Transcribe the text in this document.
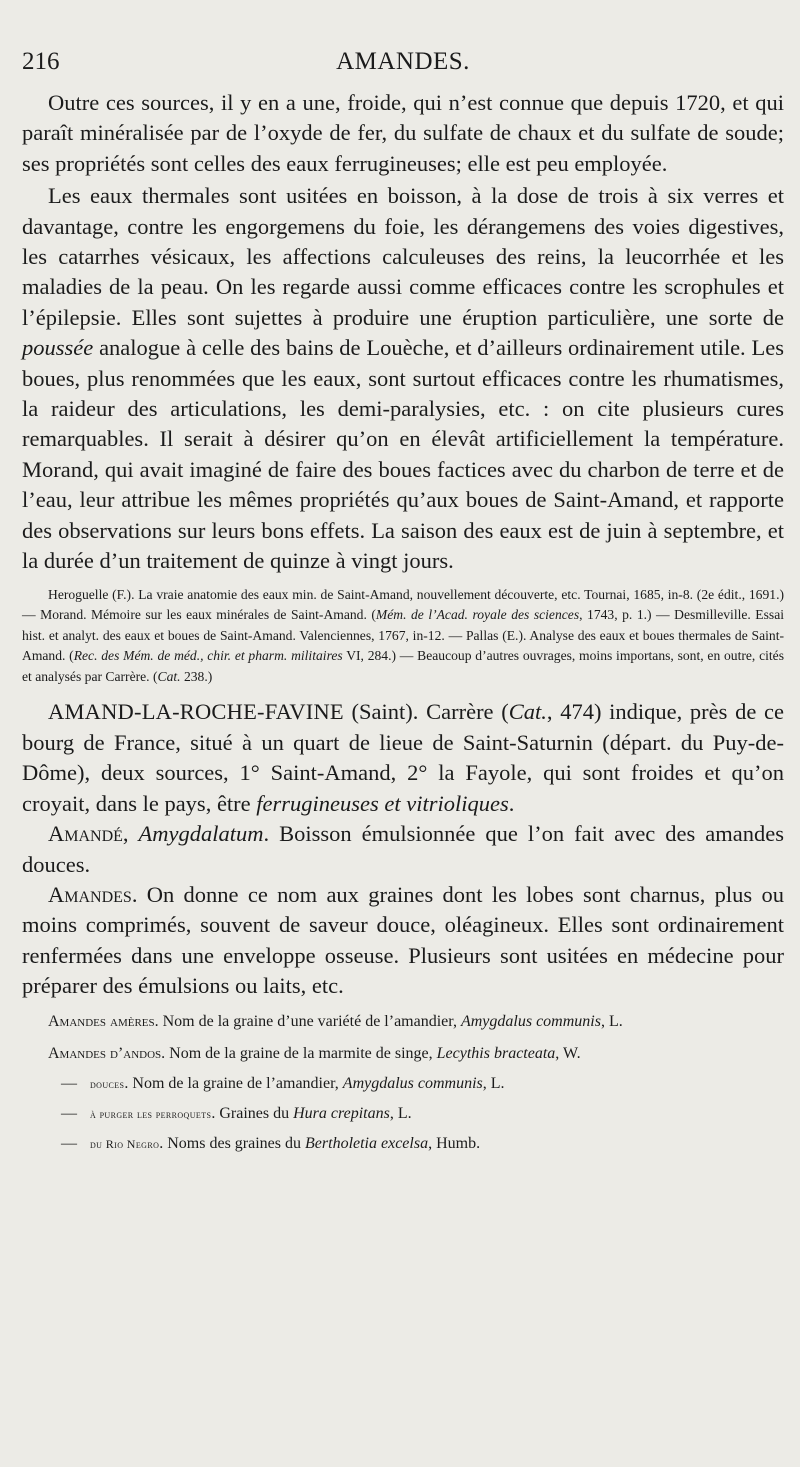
216	AMANDES.

Outre ces sources, il y en a une, froide, qui n’est connue que depuis 1720, et qui paraît minéralisée par de l’oxyde de fer, du sulfate de chaux et du sulfate de soude; ses propriétés sont celles des eaux ferrugineuses; elle est peu employée.

Les eaux thermales sont usitées en boisson, à la dose de trois à six verres et davantage, contre les engorgemens du foie, les dérangemens des voies digestives, les catarrhes vésicaux, les affections calculeuses des reins, la leucorrhée et les maladies de la peau. On les regarde aussi comme efficaces contre les scrophules et l’épilepsie. Elles sont sujettes à produire une éruption particulière, une sorte de poussée analogue à celle des bains de Louèche, et d’ailleurs ordinairement utile. Les boues, plus renommées que les eaux, sont surtout efficaces contre les rhumatismes, la raideur des articulations, les demi-paralysies, etc. : on cite plusieurs cures remarquables. Il serait à désirer qu’on en élevât artificiellement la température. Morand, qui avait imaginé de faire des boues factices avec du charbon de terre et de l’eau, leur attribue les mêmes propriétés qu’aux boues de Saint-Amand, et rapporte des observations sur leurs bons effets. La saison des eaux est de juin à septembre, et la durée d’un traitement de quinze à vingt jours.

Heroguelle (F.). La vraie anatomie des eaux min. de Saint-Amand, nouvellement découverte, etc. Tournai, 1685, in-8. (2e édit., 1691.) — Morand. Mémoire sur les eaux minérales de Saint-Amand. (Mém. de l’Acad. royale des sciences, 1743, p. 1.) — Desmilleville. Essai hist. et analyt. des eaux et boues de Saint-Amand. Valenciennes, 1767, in-12. — Pallas (E.). Analyse des eaux et boues thermales de Saint-Amand. (Rec. des Mém. de méd., chir. et pharm. militaires VI, 284.) — Beaucoup d’autres ouvrages, moins importans, sont, en outre, cités et analysés par Carrère. (Cat. 238.)

AMAND-LA-ROCHE-FAVINE (Saint). Carrère (Cat., 474) indique, près de ce bourg de France, situé à un quart de lieue de Saint-Saturnin (départ. du Puy-de-Dôme), deux sources, 1° Saint-Amand, 2° la Fayole, qui sont froides et qu’on croyait, dans le pays, être ferrugineuses et vitrioliques.

Amandé, Amygdalatum. Boisson émulsionnée que l’on fait avec des amandes douces.

Amandes. On donne ce nom aux graines dont les lobes sont charnus, plus ou moins comprimés, souvent de saveur douce, oléagineux. Elles sont ordinairement renfermées dans une enveloppe osseuse. Plusieurs sont usitées en médecine pour préparer des émulsions ou laits, etc.

Amandes amères. Nom de la graine d’une variété de l’amandier, Amygdalus communis, L.

Amandes d’andos. Nom de la graine de la marmite de singe, Lecythis bracteata, W.

— douces. Nom de la graine de l’amandier, Amygdalus communis, L.

— à purger les perroquets. Graines du Hura crepitans, L.

— du Rio Negro. Noms des graines du Bertholetia excelsa, Humb.
